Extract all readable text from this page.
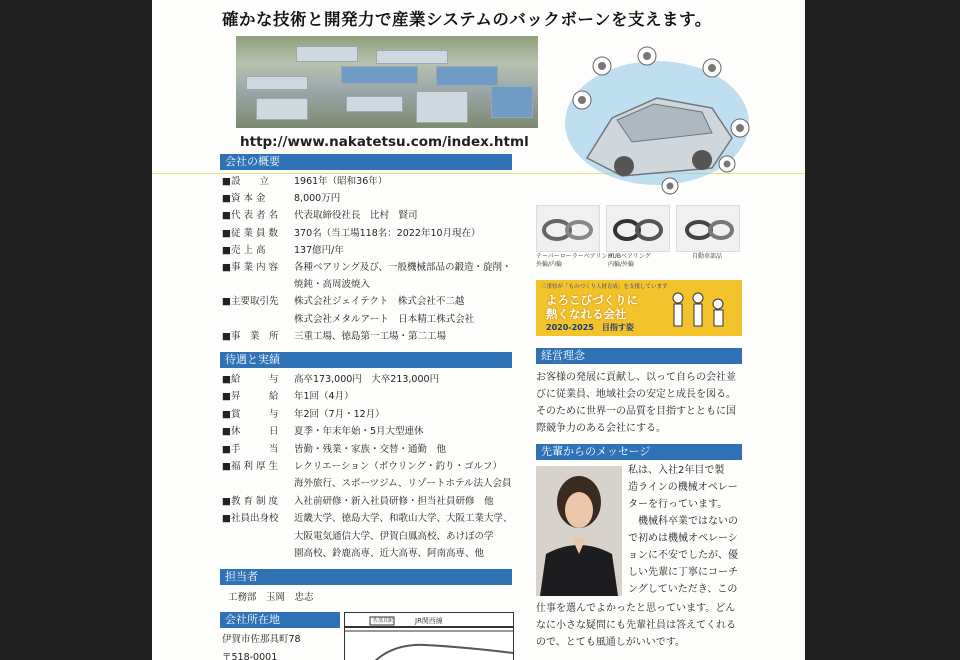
確かな技術と開発力で産業システムのバックボーンを支えます。
http://www.nakatetsu.com/index.html
会社の概要
■設　　立	1961年（昭和36年）
■資 本 金	8,000万円
■代 表 者 名 代表取締役社長　比村　賢司
■従 業 員 数 370名（当工場118名：2022年10月現在）
■売 上 高	137億円/年
■事 業 内 容 各種ベアリング及び、一般機械部品の鍛造・旋削・
焼鈍・高周波焼入
■主要取引先 株式会社ジェイテクト　株式会社不二越
株式会社メタルアート　日本精工株式会社
■事　業　所 三重工場、徳島第一工場・第二工場
待遇と実績
■給　　　与 高卒173,000円　大卒213,000円
■昇　　　給 年1回（4月）
■賞　　　与 年2回（7月・12月）
■休　　　日 夏季・年末年始・5月大型連休
■手　　　当 皆勤・残業・家族・交替・通勤　他
■福 利 厚 生 レクリエーション（ボウリング・釣り・ゴルフ）
海外旅行、スポーツジム、リゾートホテル法人会員
■教 育 制 度 入社前研修・新入社員研修・担当社員研修　他
■社員出身校 近畿大学、徳島大学、和歌山大学、大阪工業大学、
大阪電気通信大学、伊賀白鳳高校、あけぼの学
園高校、鈴鹿高専、近大高専、阿南高専、他
担当者
工務部　玉岡　忠志
会社所在地
伊賀市佐那具町78
〒518-0001
JR関西線
佐那具駅
テーパーローラーベアリング
外輪/内輪
HUBベアリング
内輪/外輪
自動車部品
三重県が「ものづくり人材育成」を支援しています
よろこびづくりに
熱くなれる会社
2020-2025　目指す姿
経営理念
お客様の発展に貢献し、以って自らの会社並
びに従業員、地域社会の安定と成長を図る。
そのために世界一の品質を目指すとともに国
際競争力のある会社にする。
先輩からのメッセージ
私は、入社2年目で製
造ラインの機械オペレー
ターを行っています。
　機械科卒業ではないの
で初めは機械オペレーシ
ョンに不安でしたが、優
しい先輩に丁寧にコーチ
ングしていただき、この
仕事を選んでよかったと思っています。どん
なに小さな疑問にも先輩社員は答えてくれる
ので、とても風通しがいいです。
